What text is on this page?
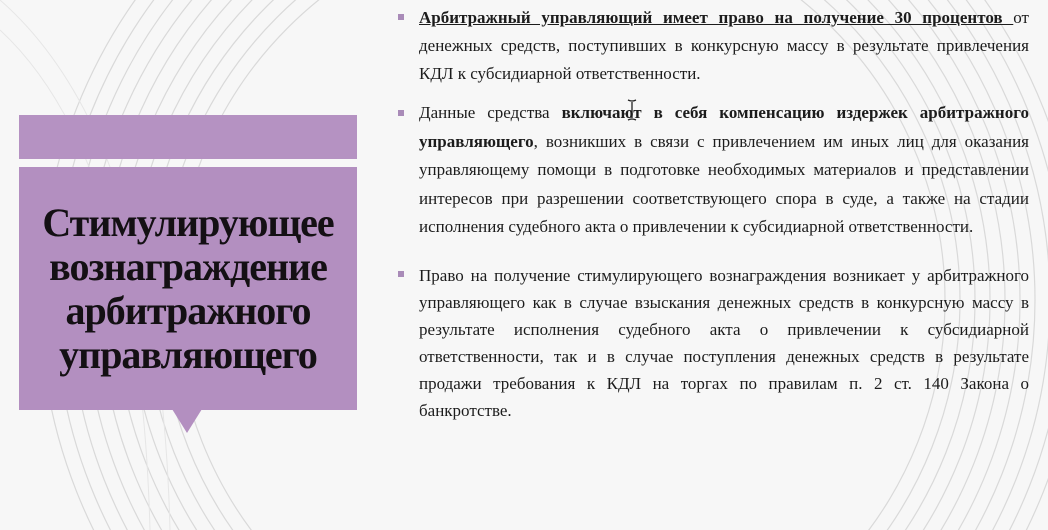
Стимулирующее вознаграждение арбитражного управляющего
Арбитражный управляющий имеет право на получение 30 процентов от денежных средств, поступивших в конкурсную массу в результате привлечения КДЛ к субсидиарной ответственности.
Данные средства включают в себя компенсацию издержек арбитражного управляющего, возникших в связи с привлечением им иных лиц для оказания управляющему помощи в подготовке необходимых материалов и представлении интересов при разрешении соответствующего спора в суде, а также на стадии исполнения судебного акта о привлечении к субсидиарной ответственности.
Право на получение стимулирующего вознаграждения возникает у арбитражного управляющего как в случае взыскания денежных средств в конкурсную массу в результате исполнения судебного акта о привлечении к субсидиарной ответственности, так и в случае поступления денежных средств в результате продажи требования к КДЛ на торгах по правилам п. 2 ст. 140 Закона о банкротстве.
